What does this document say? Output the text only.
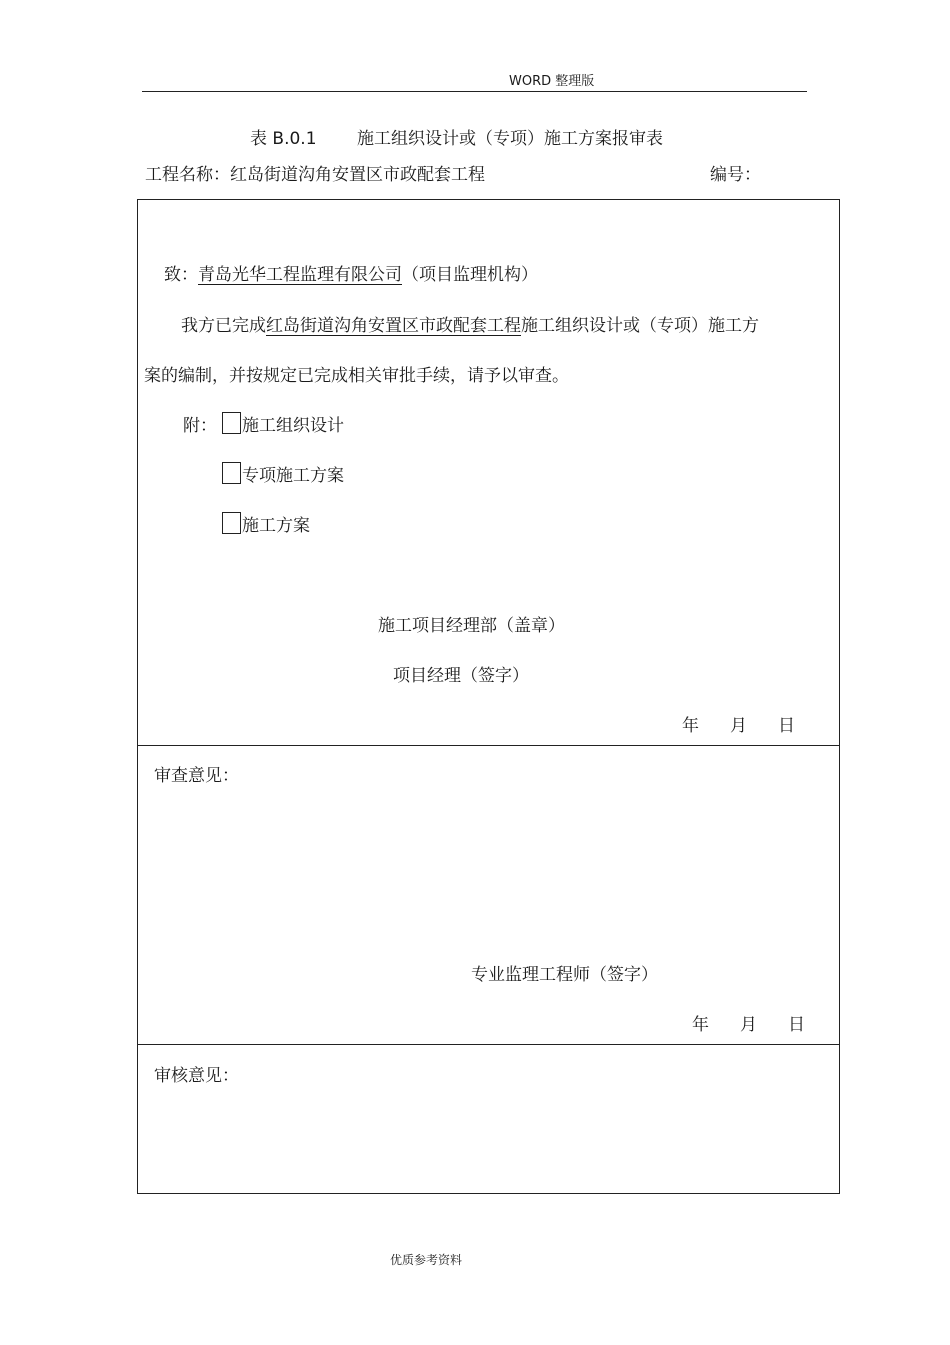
WORD 整理版
表 B.0.1 施工组织设计或（专项）施工方案报审表
工程名称：红岛街道沟角安置区市政配套工程	编号：
致：青岛光华工程监理有限公司（项目监理机构）
我方已完成红岛街道沟角安置区市政配套工程施工组织设计或（专项）施工方
案的编制，并按规定已完成相关审批手续，请予以审查。
附： 施工组织设计
专项施工方案
施工方案
施工项目经理部（盖章）
项目经理（签字）
年 月 日
审查意见：
专业监理工程师（签字）
年 月 日
审核意见：
优质参考资料
